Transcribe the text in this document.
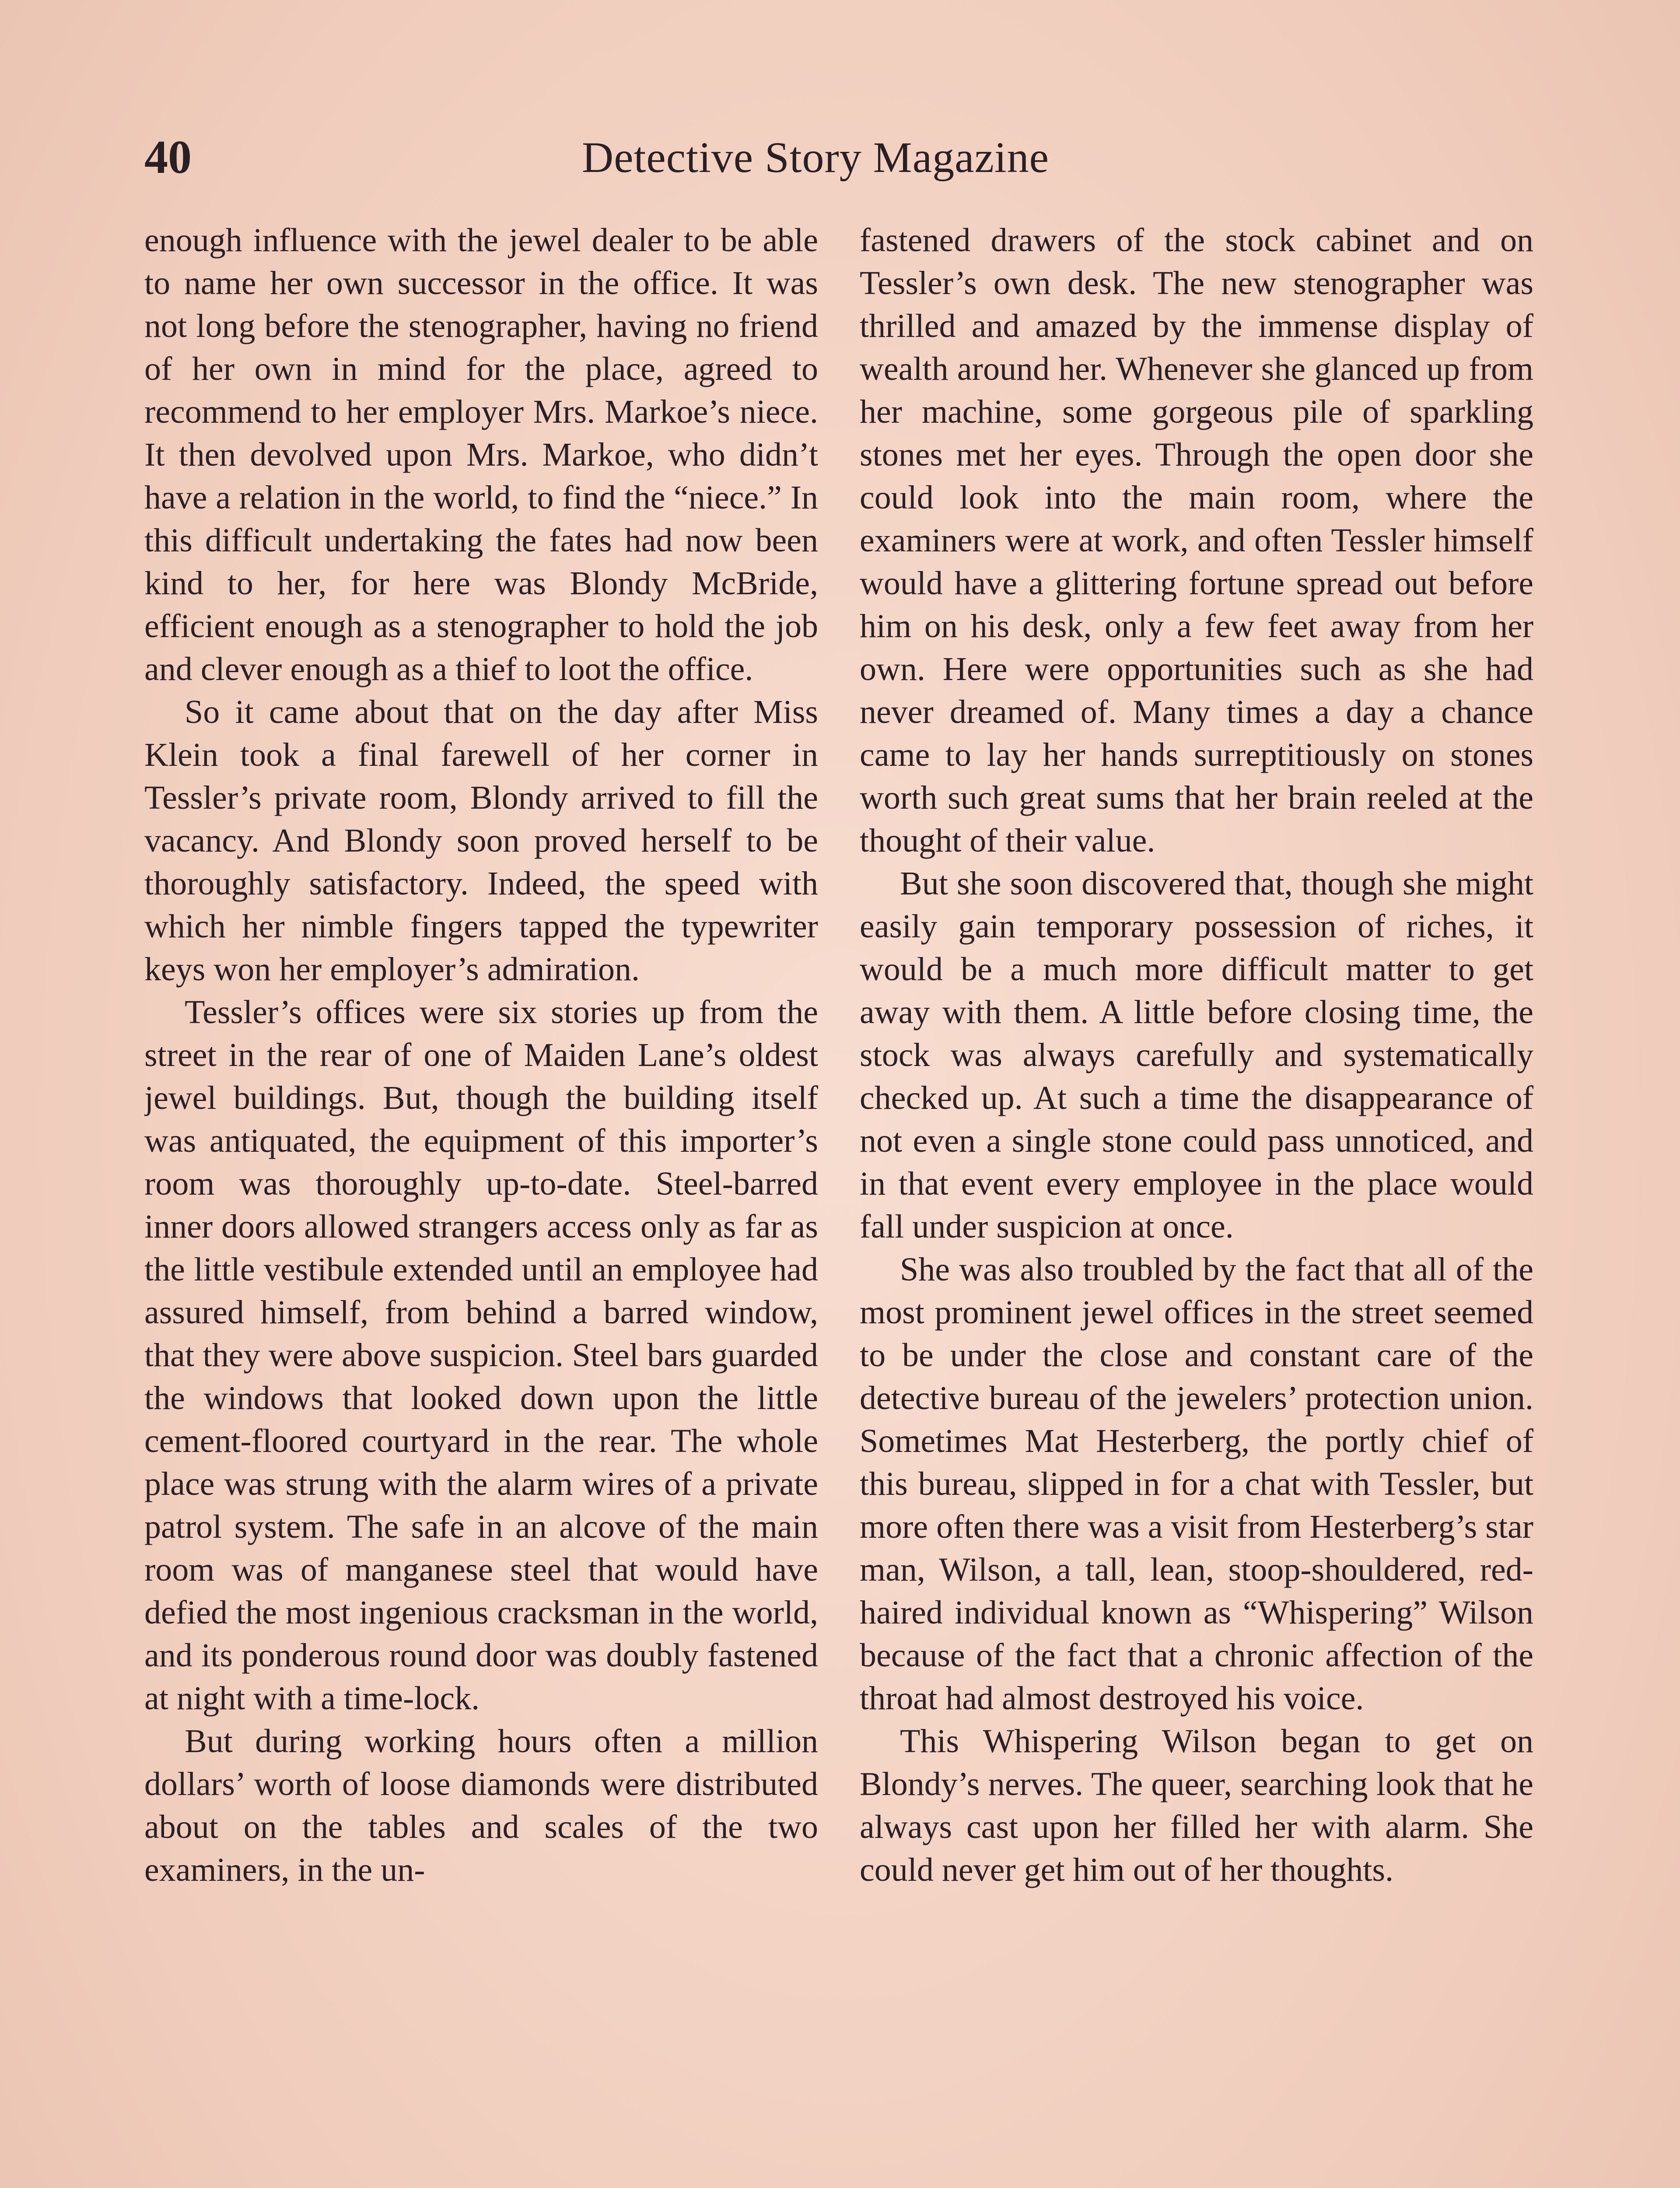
40	Detective Story Magazine

enough influence with the jewel dealer to be able to name her own successor in the office. It was not long before the stenographer, having no friend of her own in mind for the place, agreed to recommend to her employer Mrs. Markoe’s niece. It then devolved upon Mrs. Markoe, who didn’t have a relation in the world, to find the “niece.” In this difficult undertaking the fates had now been kind to her, for here was Blondy McBride, efficient enough as a stenographer to hold the job and clever enough as a thief to loot the office.

So it came about that on the day after Miss Klein took a final farewell of her corner in Tessler’s private room, Blondy arrived to fill the vacancy. And Blondy soon proved herself to be thoroughly satisfactory. Indeed, the speed with which her nimble fingers tapped the typewriter keys won her employer’s admiration.

Tessler’s offices were six stories up from the street in the rear of one of Maiden Lane’s oldest jewel buildings. But, though the building itself was antiquated, the equipment of this importer’s room was thoroughly up-to-date. Steel-barred inner doors allowed strangers access only as far as the little vestibule extended until an employee had assured himself, from behind a barred window, that they were above suspicion. Steel bars guarded the windows that looked down upon the little cement-floored courtyard in the rear. The whole place was strung with the alarm wires of a private patrol system. The safe in an alcove of the main room was of manganese steel that would have defied the most ingenious cracksman in the world, and its ponderous round door was doubly fastened at night with a time-lock.

But during working hours often a million dollars’ worth of loose diamonds were distributed about on the tables and scales of the two examiners, in the un-

fastened drawers of the stock cabinet and on Tessler’s own desk. The new stenographer was thrilled and amazed by the immense display of wealth around her. Whenever she glanced up from her machine, some gorgeous pile of sparkling stones met her eyes. Through the open door she could look into the main room, where the examiners were at work, and often Tessler himself would have a glittering fortune spread out before him on his desk, only a few feet away from her own. Here were opportunities such as she had never dreamed of. Many times a day a chance came to lay her hands surreptitiously on stones worth such great sums that her brain reeled at the thought of their value.

But she soon discovered that, though she might easily gain temporary possession of riches, it would be a much more difficult matter to get away with them. A little before closing time, the stock was always carefully and systematically checked up. At such a time the disappearance of not even a single stone could pass unnoticed, and in that event every employee in the place would fall under suspicion at once.

She was also troubled by the fact that all of the most prominent jewel offices in the street seemed to be under the close and constant care of the detective bureau of the jewelers’ protection union. Sometimes Mat Hesterberg, the portly chief of this bureau, slipped in for a chat with Tessler, but more often there was a visit from Hesterberg’s star man, Wilson, a tall, lean, stoop-shouldered, red-haired individual known as “Whispering” Wilson because of the fact that a chronic affection of the throat had almost destroyed his voice.

This Whispering Wilson began to get on Blondy’s nerves. The queer, searching look that he always cast upon her filled her with alarm. She could never get him out of her thoughts.
